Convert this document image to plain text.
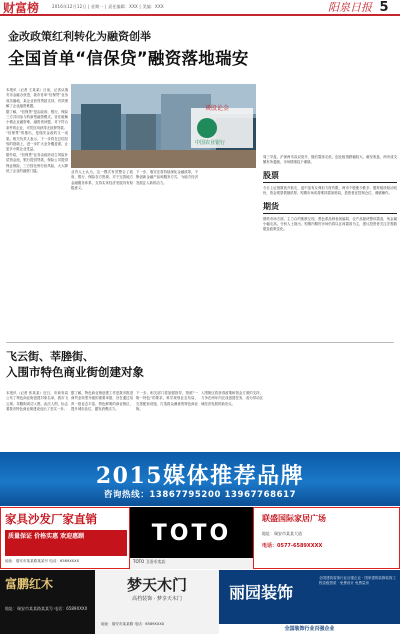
财富榜	2016年12月12日 | 星期一 | 责任编辑：XXX | 美编：XXX	阳泉日报 5
金改政策红利转化为融资创举
全国首单“信保贷”融资落地瑞安

本报讯（记者 王某某）日前，记者从瑞安市金融办获悉，我市首单“信保贷”业务成功落地，某企业获得贷款支持，有效缓解了企业融资难题。

据了解，“信保贷”是由政府、银行、保险三方共同参与的新型融资模式，旨在破解小微企业融资难、融资贵问题，对于符合条件的企业，可凭信用获得无抵押贷款。

“信保贷”的推出，是瑞安金改的又一成果。相关负责人表示，下一步将在总结经验的基础上，进一步扩大业务覆盖面，让更多小微企业受益。

据介绍，“信保贷”业务由政府设立风险补偿资金池，银行提供贷款，保险公司提供保证保险，三方按比例分担风险，大大降低了企业的融资门槛。

谈股论金
中国农业银行

业内人士认为，这一模式有效整合了政府、银行、保险各方资源，对于完善地方金融服务体系、支持实体经济发展具有积极意义。

下一步，瑞安还将持续深化金融改革，不断创新金融产品和服务方式，为地方经济发展注入新的活力。

周三早盘，沪深两市双双低开，随后震荡走低，创业板指跌幅较大。截至收盘，两市成交额有所萎缩，市场情绪趋于谨慎。

股票

今日上证指数低开低走，盘中虽有反弹但力度有限，两市个股涨少跌多，题材板块轮动较快，资金观望情绪浓厚，短期市场或将维持震荡格局，投资者宜控制仓位、谨慎操作。

期货

期货市场方面，主力合约涨跌互现，黑色系品种表现偏弱，农产品板块整体震荡，贵金属小幅走高。分析人士指出，短期内期货市场仍将以区间震荡为主，建议投资者关注宏观数据及政策变化。

飞云街、莘塍街、
入围市特色商业街创建对象

本报讯（记者 张某某）近日，市商务局公布了特色商业街创建对象名单，我市飞云街、莘塍街成功入围。此次入围，标志着我市特色商业街建设迈出了坚实一步。

据了解，特色商业街创建工作是我市推进商贸业转型升级的重要举措，旨在通过培育一批业态丰富、特色鲜明的商业街区，提升城市品位，激发消费活力。

下一步，相关部门将加强指导，按照“一街一特色”的要求，科学规划业态布局，完善配套设施，打造群众满意的特色商业街。

入围街区将获得政策和资金方面的支持，力争在两年内完成创建任务，成为带动区域经济发展的新亮点。

2015媒体推荐品牌
咨询热线：13867795200 13967768617
家具沙发厂家直销
质量保证 价格实惠 欢迎惠顾
地址：瑞安市某某路某某号 电话：6589XXXX
TOTO
TOTO 卫浴专卖店
联盛国际家居广场
地址：瑞安市某某大道
电话：0577-6589XXXX
富鹏红木
地址：瑞安市某某路某某号 电话：6589XXXX
梦天木门
高档装饰 · 梦享天木门
地址：瑞安市某某路 电话：6589XXXX
丽园装饰
全国建筑装饰行业百强企业 · 国家建筑装修装饰工程壹级资质 · 免费设计 免费量房
全国装饰行业百强企业
